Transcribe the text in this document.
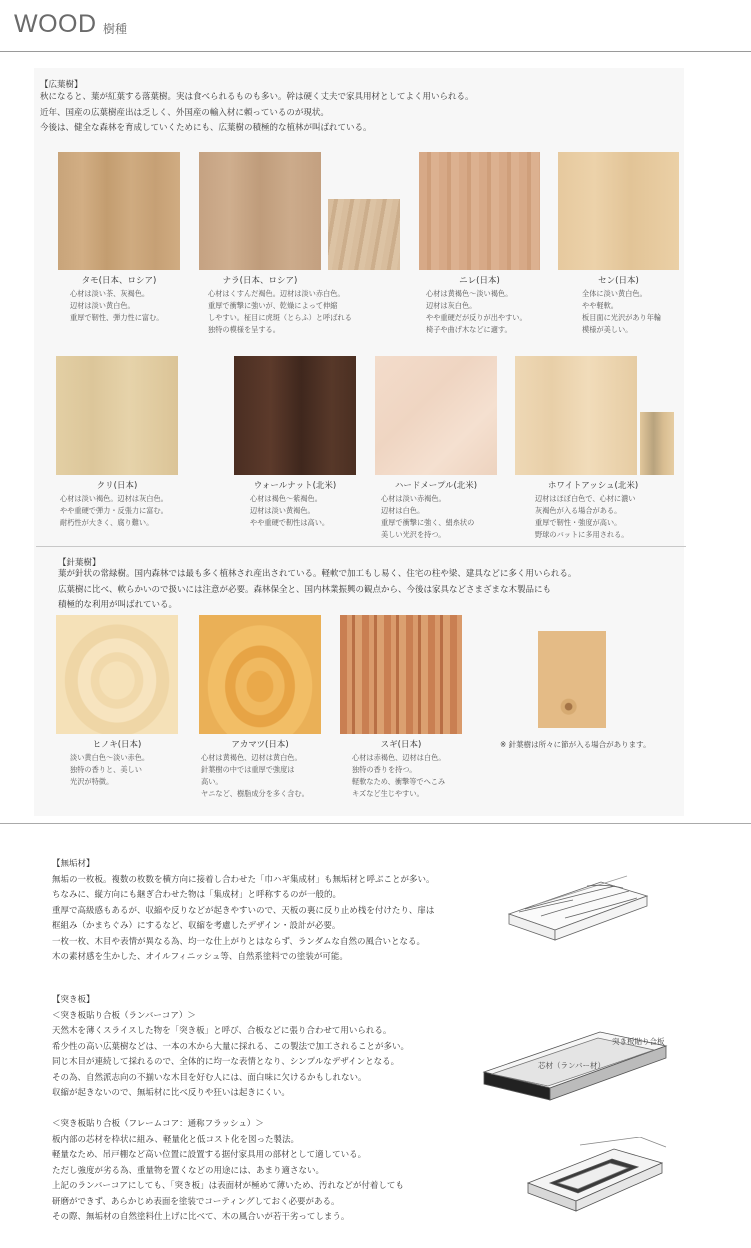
WOOD 樹種
【広葉樹】
秋になると、葉が紅葉する落葉樹。実は食べられるものも多い。幹は硬く丈夫で家具用材としてよく用いられる。
近年、国産の広葉樹産出は乏しく、外国産の輸入材に頼っているのが現状。
今後は、健全な森林を育成していくためにも、広葉樹の積極的な植林が叫ばれている。
タモ(日本、ロシア)
心材は淡い茶、灰褐色。
辺材は淡い黄白色。
重厚で靭性、弾力性に富む。
ナラ(日本、ロシア)
心材はくすんだ褐色。辺材は淡い赤白色。
重厚で衝撃に強いが、乾燥によって伸縮
しやすい。柾目に虎斑（とらふ）と呼ばれる
独特の模様を呈する。
ニレ(日本)
心材は黄褐色～淡い褐色。
辺材は灰白色。
やや重硬だが反りが出やすい。
椅子や曲げ木などに適す。
セン(日本)
全体に淡い黄白色。
やや軽軟。
板目面に光沢があり年輪
模様が美しい。
クリ(日本)
心材は淡い褐色。辺材は灰白色。
やや重硬で弾力・反張力に富む。
耐朽性が大きく、腐り難い。
ウォールナット(北米)
心材は褐色～紫褐色。
辺材は淡い黄褐色。
やや重硬で靭性は高い。
ハードメープル(北米)
心材は淡い赤褐色。
辺材は白色。
重厚で衝撃に強く、絹糸状の
美しい光沢を持つ。
ホワイトアッシュ(北米)
辺材はほぼ白色で、心材に濃い
灰褐色が入る場合がある。
重厚で靭性・強度が高い。
野球のバットに多用される。
【針葉樹】
葉が針状の常緑樹。国内森林では最も多く植林され産出されている。軽軟で加工もし易く、住宅の柱や梁、建具などに多く用いられる。
広葉樹に比べ、軟らかいので扱いには注意が必要。森林保全と、国内林業振興の観点から、今後は家具などさまざまな木製品にも
積極的な利用が叫ばれている。
ヒノキ(日本)
淡い黄白色～淡い赤色。
独特の香りと、美しい
光沢が特徴。
アカマツ(日本)
心材は黄褐色、辺材は黄白色。
針葉樹の中では重厚で強度は
高い。
ヤニなど、樹脂成分を多く含む。
スギ(日本)
心材は赤褐色、辺材は白色。
独特の香りを持つ。
軽軟なため、衝撃等でへこみ
キズなど生じやすい。
※ 針葉樹は所々に節が入る場合があります。
【無垢材】
無垢の一枚板。複数の枚数を横方向に接着し合わせた「巾ハギ集成材」も無垢材と呼ぶことが多い。
ちなみに、縦方向にも継ぎ合わせた物は「集成材」と呼称するのが一般的。
重厚で高級感もあるが、収縮や反りなどが起きやすいので、天板の裏に反り止め桟を付けたり、扉は
框組み（かまちぐみ）にするなど、収縮を考慮したデザイン・設計が必要。
一枚一枚、木目や表情が異なる為、均一な仕上がりとはならず、ランダムな自然の風合いとなる。
木の素材感を生かした、オイルフィニッシュ等、自然系塗料での塗装が可能。
【突き板】
＜突き板貼り合板（ランバーコア）＞
天然木を薄くスライスした物を「突き板」と呼び、合板などに張り合わせて用いられる。
希少性の高い広葉樹などは、一本の木から大量に採れる、この製法で加工されることが多い。
同じ木目が連続して採れるので、全体的に均一な表情となり、シンプルなデザインとなる。
その為、自然派志向の不揃いな木目を好む人には、面白味に欠けるかもしれない。
収縮が起きないので、無垢材に比べ反りや狂いは起きにくい。
＜突き板貼り合板（フレームコア：通称フラッシュ）＞
板内部の芯材を枠状に組み、軽量化と低コスト化を図った製法。
軽量なため、吊戸棚など高い位置に設置する据付家具用の部材として適している。
ただし強度が劣る為、重量物を置くなどの用途には、あまり適さない。
上記のランバーコアにしても、「突き板」は表面材が極めて薄いため、汚れなどが付着しても
研磨ができず、あらかじめ表面を塗装でコーティングしておく必要がある。
その際、無垢材の自然塗料仕上げに比べて、木の風合いが若干劣ってしまう。
突き板貼り合板
芯材（ランバー材）
